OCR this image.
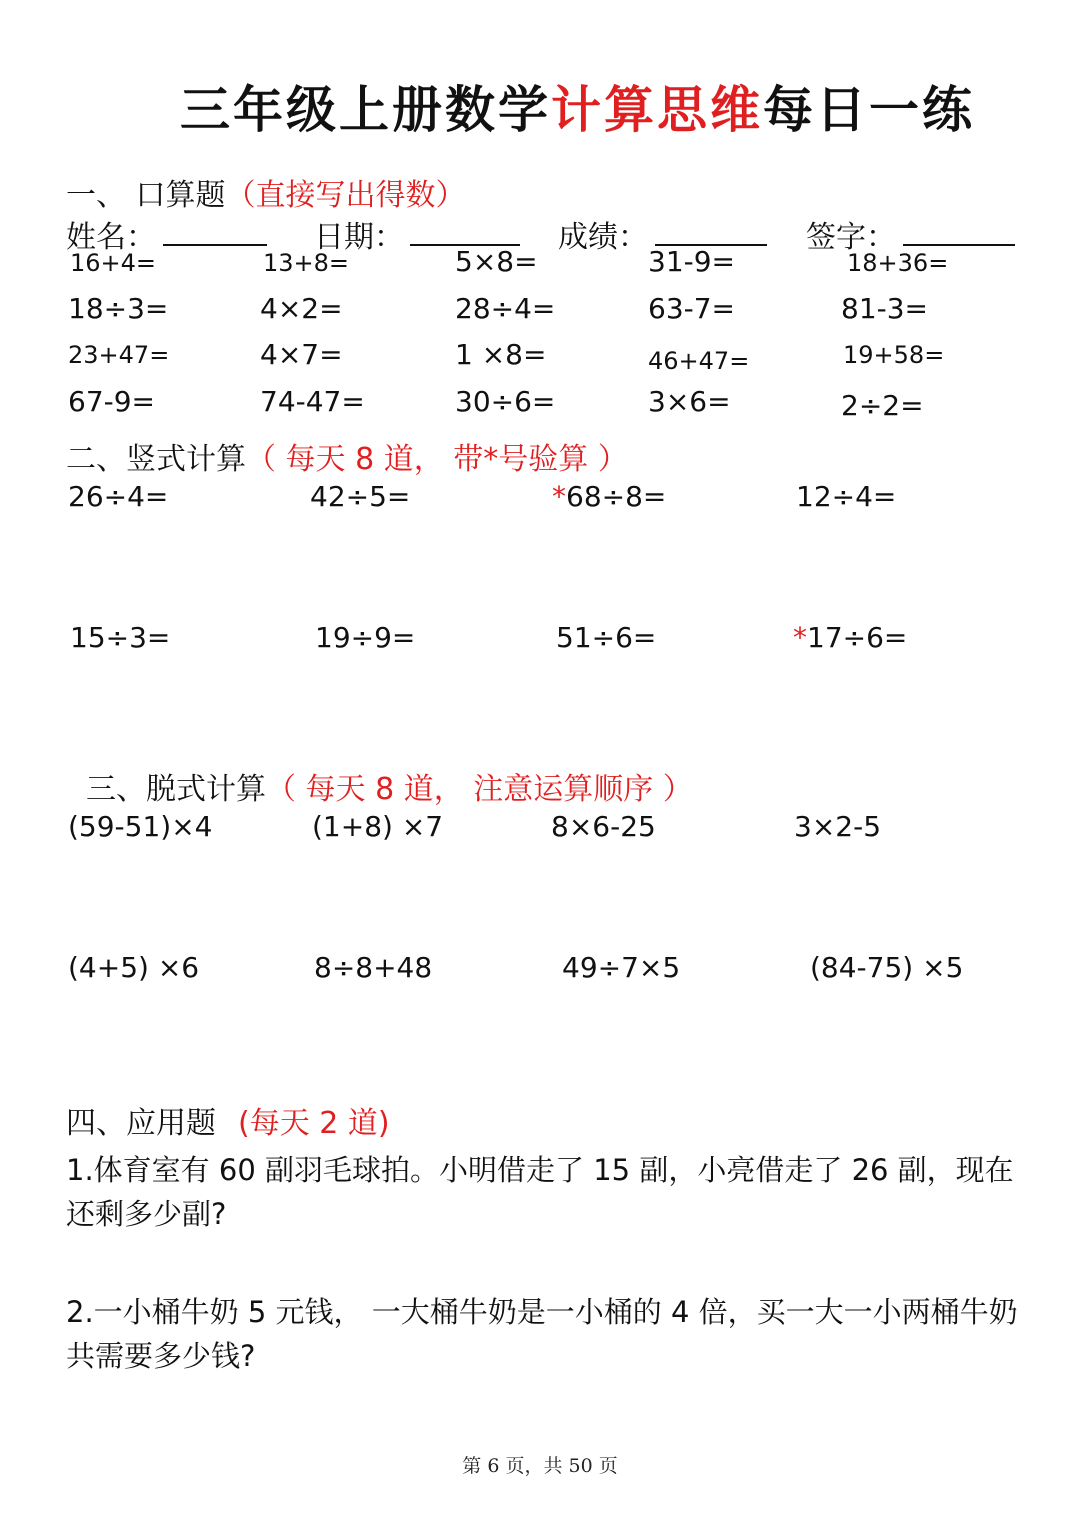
三年级上册数学计算思维每日一练
一、 口算题（直接写出得数）
姓名：	日期：	成绩：	签字：
16+4=	13+8=	5×8=	31-9=	18+36=
18÷3=	4×2=	28÷4=	63-7=	81-3=
23+47=	4×7=	1 ×8=	46+47=	19+58=
67-9=	74-47=	30÷6=	3×6=	2÷2=
二、竖式计算（ 每天 8 道， 带*号验算 ）
26÷4=	42÷5=	*68÷8=	12÷4=
15÷3=	19÷9=	51÷6=	*17÷6=
三、脱式计算（ 每天 8 道， 注意运算顺序 ）
(59-51)×4	(1+8) ×7	8×6-25	3×2-5
(4+5) ×6	8÷8+48	49÷7×5	(84-75) ×5
四、应用题 (每天 2 道)
1.体育室有 60 副羽毛球拍。小明借走了 15 副，小亮借走了 26 副，现在还剩多少副?
2.一小桶牛奶 5 元钱， 一大桶牛奶是一小桶的 4 倍，买一大一小两桶牛奶共需要多少钱?
第 6 页，共 50 页
